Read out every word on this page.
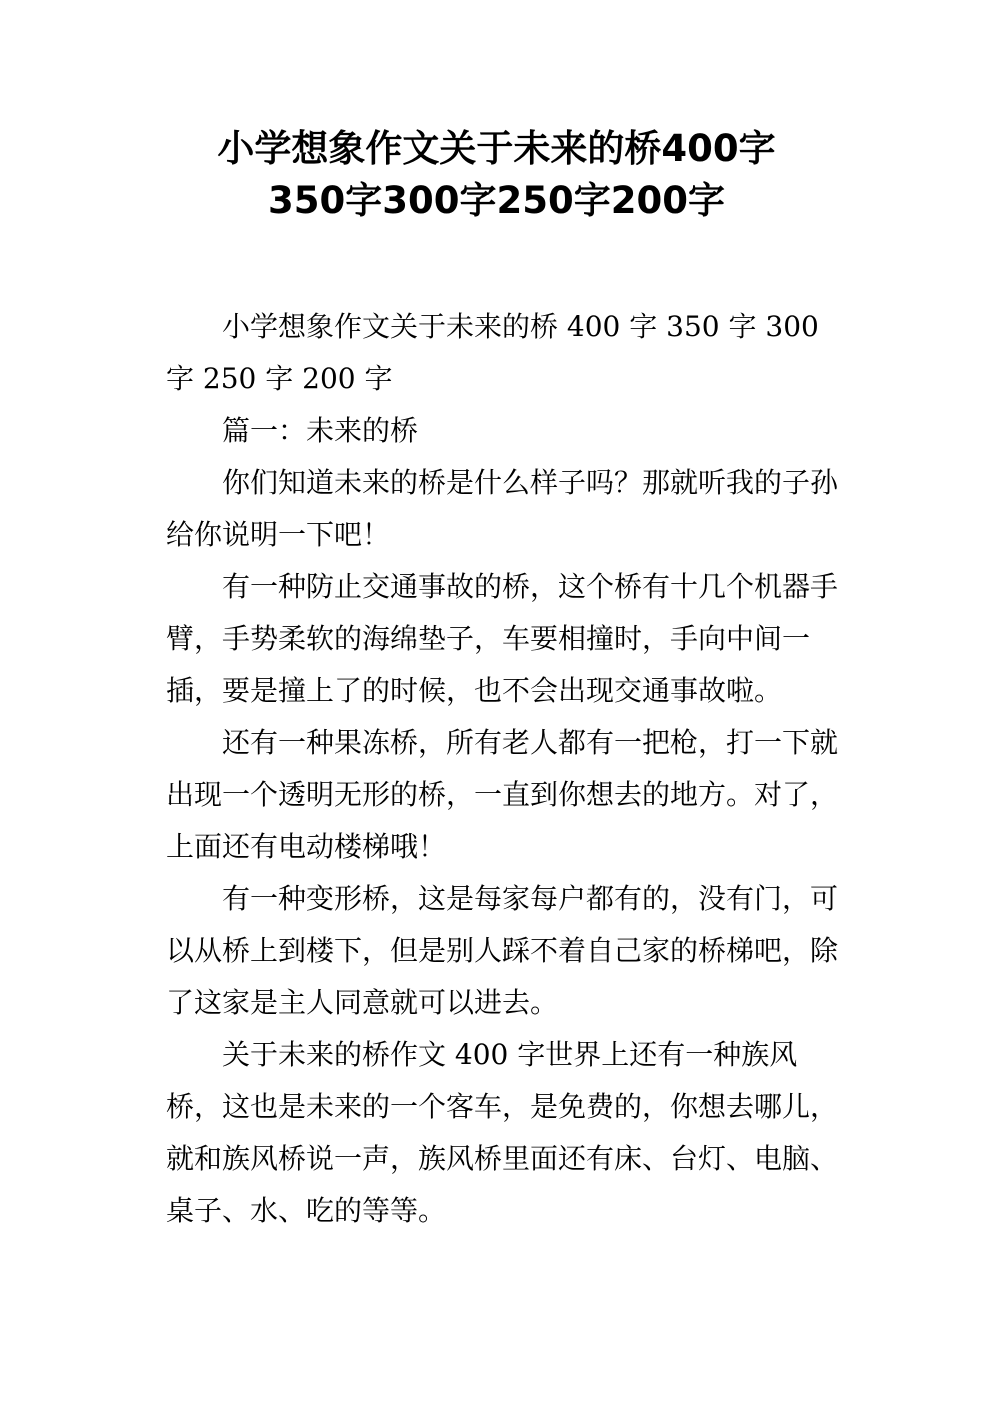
小学想象作文关于未来的桥400字
350字300字250字200字

小学想象作文关于未来的桥 400 字 350 字 300 字 250 字 200 字

篇一：未来的桥

你们知道未来的桥是什么样子吗？那就听我的子孙给你说明一下吧！

有一种防止交通事故的桥，这个桥有十几个机器手臂，手势柔软的海绵垫子，车要相撞时，手向中间一插，要是撞上了的时候，也不会出现交通事故啦。

还有一种果冻桥，所有老人都有一把枪，打一下就出现一个透明无形的桥，一直到你想去的地方。对了，上面还有电动楼梯哦！

有一种变形桥，这是每家每户都有的，没有门，可以从桥上到楼下，但是别人踩不着自己家的桥梯吧，除了这家是主人同意就可以进去。

关于未来的桥作文 400 字世界上还有一种族风桥，这也是未来的一个客车，是免费的，你想去哪儿，就和族风桥说一声，族风桥里面还有床、台灯、电脑、桌子、水、吃的等等。
